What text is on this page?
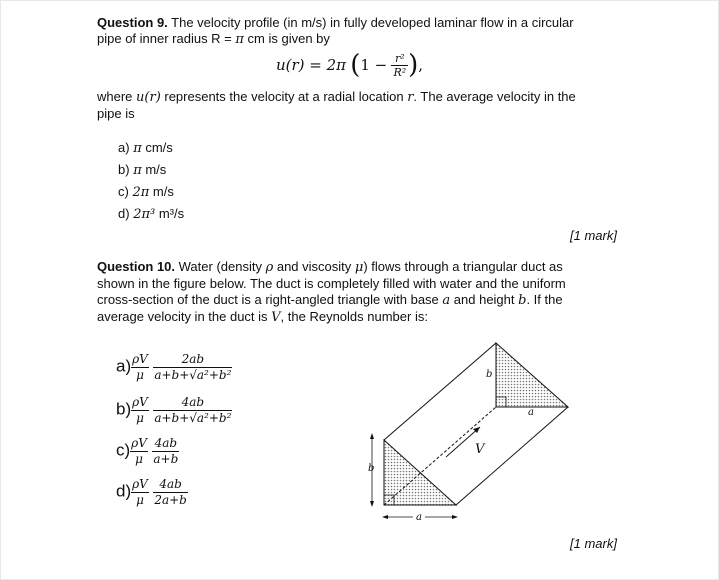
Question 9. The velocity profile (in m/s) in fully developed laminar flow in a circular
pipe of inner radius R = π cm is given by
u(r) = 2π ($1 - \frac{\text{r²}}{\text{R²}}$ ),
where u(r) represents the velocity at a radial location r. The average velocity in the
pipe is
a) π cm/s
b) π m/s
c) 2π m/s
d) 2π³ m³/s
[1 mark]
Question 10. Water (density ρ and viscosity μ) flows through a triangular duct as
shown in the figure below. The duct is completely filled with water and the uniform
cross-section of the duct is a right-angled triangle with base a and height b. If the
average velocity in the duct is V, the Reynolds number is:
$a) \frac{\rho V}{\mu}$
$\frac{2ab}{\text{a+b+√a²+b²}}$
$b) \frac{\rho V}{\mu}$
$\frac{4ab}{\text{a+b+√a²+b²}}$
$c) \frac{\rho V}{\mu}$
$\frac{4ab}{a+b}$
$d) \frac{\rho V}{\mu}$
$\frac{4ab}{2a+b}$
V
b
a
b
a
[1 mark]
